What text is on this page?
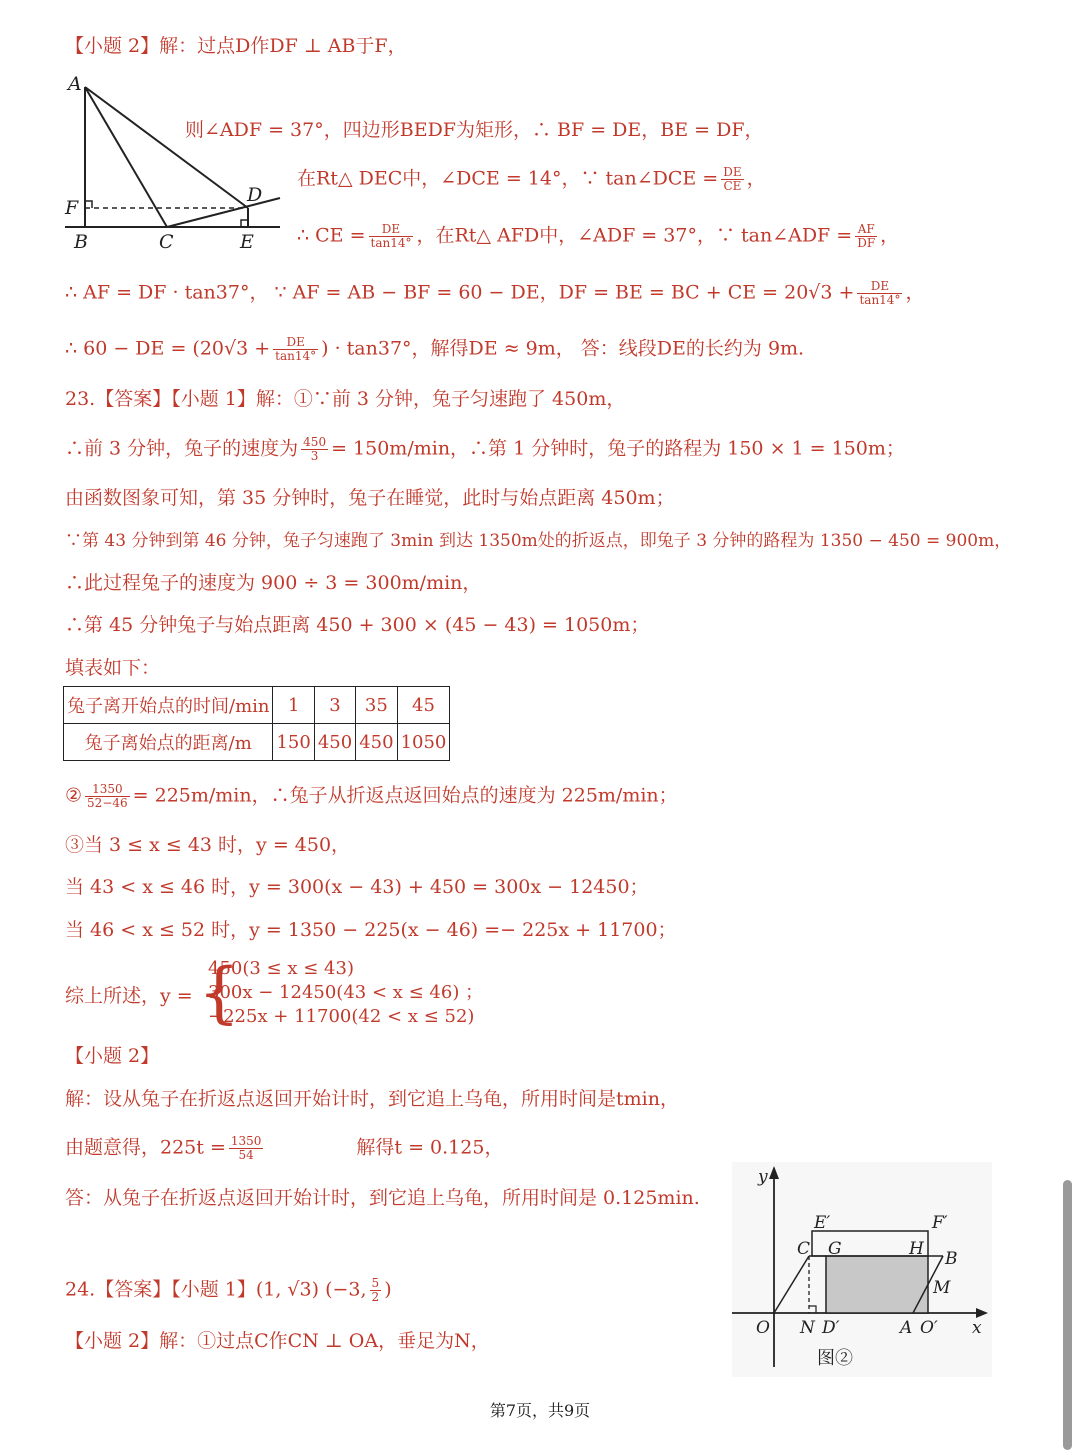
A
F
B	C
D
E
【小题 2】解：过点D作DF ⊥ AB于F，
则∠ADF = 37°，四边形BEDF为矩形，∴ BF = DE，BE = DF，
在Rt△ DEC中，∠DCE = 14°，∵ tan∠DCE = $\frac{DE}{CE}$ ，
∴ CE = $\frac{DE}{\tan 14^\circ}$ ，在Rt△ AFD中，∠ADF = 37°，∵ tan∠ADF = $\frac{AF}{DF}$ ，
∴ AF = DF · tan37°， ∵ AF = AB − BF = 60 − DE，DF = BE = BC + CE = $20√3 + \frac{DE}{\tan 14^\circ}$ ，
∴ 60 − DE = ($20√3 + \frac{DE}{\tan 14^\circ}$ ) · tan37°，解得DE ≈ 9m， 答：线段DE的长约为 9m.
23.【答案】【小题 1】解：①∵前 3 分钟，兔子匀速跑了 450m，
∴前 3 分钟，兔子的速度为 $\frac{450}{3} = 150m/\min$，∴第 1 分钟时，兔子的路程为 150 × 1 = 150m；
由函数图象可知，第 35 分钟时，兔子在睡觉，此时与始点距离 450m；
∵第 43 分钟到第 46 分钟，兔子匀速跑了 3min 到达 1350m处的折返点，即兔子 3 分钟的路程为 1350 − 450 = 900m，
∴此过程兔子的速度为 900 ÷ 3 = 300m/min，
∴第 45 分钟兔子与始点距离 450 + 300 × (45 − 43) = 1050m；
填表如下：
兔子离开始点的时间/min	1	3	35	45
兔子离始点的距离/m	150	450	450	1050
② $\frac{1350}{52-46} = 225m/\min$，∴兔子从折返点返回始点的速度为 225m/min；
③当 3 ≤ x ≤ 43 时，y = 450，
当 43 < x ≤ 46 时，y = 300(x − 43) + 450 = 300x − 12450；
当 46 < x ≤ 52 时，y = 1350 − 225(x − 46) =− 225x + 11700；
综上所述，y = {
450(3 ≤ x ≤ 43)
300x − 12450(43 < x ≤ 46) ；
−225x + 11700(42 < x ≤ 52)
【小题 2】
解：设从兔子在折返点返回开始计时，到它追上乌龟，所用时间是tmin，
由题意得，$225t = \frac{1350}{54}$	解得t = 0.125，
答：从兔子在折返点返回开始计时，到它追上乌龟，所用时间是 0.125min.
24.【答案】【小题 1】(1, √3) (−3, $\frac{5}{2}$ )
【小题 2】解：①过点C作CN ⊥ OA，垂足为N，
y
x
O N D′	A O′
C G	H B
M
E′	F′
图②
第7页，共9页
